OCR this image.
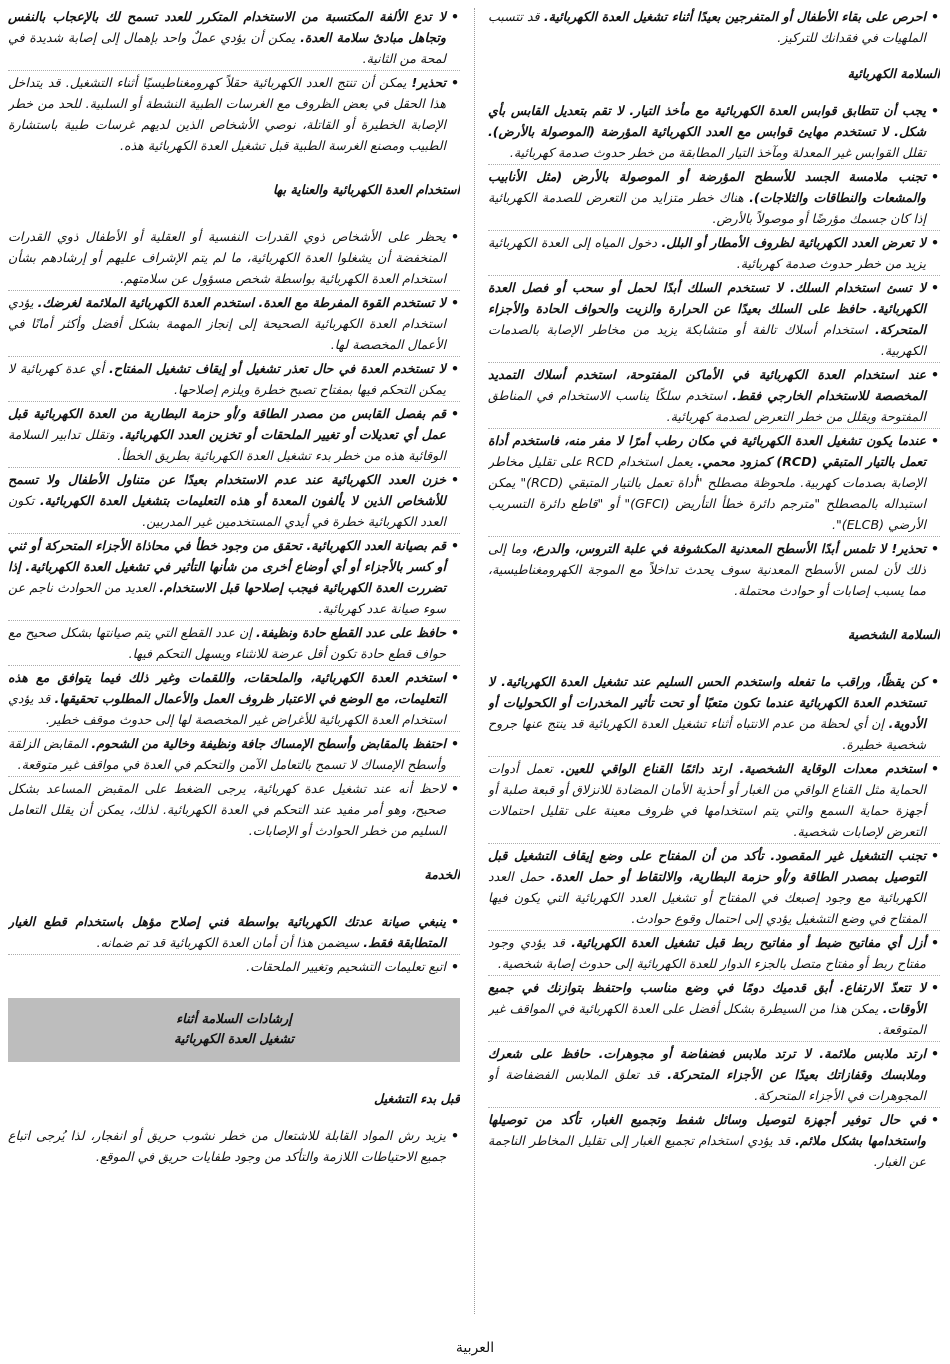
• احرص على بقاء الأطفال أو المتفرجين بعيدًا أثناء تشغيل العدة الكهربائية. قد تتسبب الملهيات في فقدانك للتركيز.
السلامة الكهربائية
• يجب أن تتطابق قوابس العدة الكهربائية مع مأخذ التيار. لا تقم بتعديل القابس بأي شكل. لا تستخدم مهايئ قوابس مع العدد الكهربائية المؤرضة (الموصولة بالأرض). تقلل القوابس غير المعدلة ومآخذ التيار المطابقة من خطر حدوث صدمة كهربائية.
• تجنب ملامسة الجسد للأسطح المؤرضة أو الموصولة بالأرض (مثل الأنابيب والمشعات والنطاقات والثلاجات). هناك خطر متزايد من التعرض للصدمة الكهربائية إذا كان جسمك مؤرضًا أو موصولاً بالأرض.
• لا تعرض العدد الكهربائية لظروف الأمطار أو البلل. دخول المياه إلى العدة الكهربائية يزيد من خطر حدوث صدمة كهربائية.
• لا تسئ استخدام السلك. لا تستخدم السلك أبدًا لحمل أو سحب أو فصل العدة الكهربائية. حافظ على السلك بعيدًا عن الحرارة والزيت والحواف الحادة والأجزاء المتحركة. استخدام أسلاك تالفة أو متشابكة يزيد من مخاطر الإصابة بالصدمات الكهربية.
• عند استخدام العدة الكهربائية في الأماكن المفتوحة، استخدم أسلاك التمديد المخصصة للاستخدام الخارجي فقط. استخدم سلكًا يناسب الاستخدام في المناطق المفتوحة ويقلل من خطر التعرض لصدمة كهربائية.
• عندما يكون تشغيل العدة الكهربائية في مكان رطب أمرًا لا مفر منه، فاستخدم أداة تعمل بالتيار المتبقي (RCD) كمزود محمي. يعمل استخدام RCD على تقليل مخاطر الإصابة بصدمات كهربية. ملحوظة مصطلح "أداة تعمل بالتيار المتبقي (RCD)" يمكن استبداله بالمصطلح "مترجم دائرة خطأ التأريض (GFCI)" أو "قاطع دائرة التسريب الأرضي (ELCB)".
• تحذير! لا تلمس أبدًا الأسطح المعدنية المكشوفة في علبة التروس، والدرع، وما إلى ذلك لأن لمس الأسطح المعدنية سوف يحدث تداخلاً مع الموجة الكهرومغناطيسية، مما يسبب إصابات أو حوادث محتملة.
السلامة الشخصية
• كن يقظًا، وراقب ما تفعله واستخدم الحس السليم عند تشغيل العدة الكهربائية. لا تستخدم العدة الكهربائية عندما تكون متعبًا أو تحت تأثير المخدرات أو الكحوليات أو الأدوية. إن أي لحظة من عدم الانتباه أثناء تشغيل العدة الكهربائية قد ينتج عنها جروح شخصية خطيرة.
• استخدم معدات الوقاية الشخصية. ارتد دائمًا القناع الواقي للعين. تعمل أدوات الحماية مثل القناع الواقي من الغبار أو أحذية الأمان المضادة للانزلاق أو قبعة صلبة أو أجهزة حماية السمع والتي يتم استخدامها في ظروف معينة على تقليل احتمالات التعرض لإصابات شخصية.
• تجنب التشغيل غير المقصود. تأكد من أن المفتاح على وضع إيقاف التشغيل قبل التوصيل بمصدر الطاقة و/أو حزمة البطارية، والالتقاط أو حمل العدة. حمل العدد الكهربائية مع وجود إصبعك في المفتاح أو تشغيل العدد الكهربائية التي يكون فيها المفتاح في وضع التشغيل يؤدي إلى احتمال وقوع حوادث.
• أزل أي مفاتيح ضبط أو مفاتيح ربط قبل تشغيل العدة الكهربائية. قد يؤدي وجود مفتاح ربط أو مفتاح متصل بالجزء الدوار للعدة الكهربائية إلى حدوث إصابة شخصية.
• لا تتعدّ الارتفاع. أبق قدميك دومًا في وضع مناسب واحتفظ بتوازنك في جميع الأوقات. يمكن هذا من السيطرة بشكل أفضل على العدة الكهربائية في المواقف غير المتوقعة.
• ارتد ملابس ملائمة. لا ترتد ملابس فضفاضة أو مجوهرات. حافظ على شعرك وملابسك وقفازاتك بعيدًا عن الأجزاء المتحركة. قد تعلق الملابس الفضفاضة أو المجوهرات في الأجزاء المتحركة.
• في حال توفير أجهزة لتوصيل وسائل شفط وتجميع الغبار، تأكد من توصيلها واستخدامها بشكل ملائم. قد يؤدي استخدام تجميع الغبار إلى تقليل المخاطر الناجمة عن الغبار.
• لا تدع الألفة المكتسبة من الاستخدام المتكرر للعدد تسمح لك بالإعجاب بالنفس وتجاهل مبادئ سلامة العدة. يمكن أن يؤدي عملٌ واحد بإهمال إلى إصابة شديدة في لمحة من الثانية.
• تحذير! يمكن أن تنتج العدد الكهربائية حقلاً كهرومغناطيسيًا أثناء التشغيل. قد يتداخل هذا الحقل في بعض الظروف مع الغرسات الطبية النشطة أو السلبية. للحد من خطر الإصابة الخطيرة أو القاتلة، نوصي الأشخاص الذين لديهم غرسات طبية باستشارة الطبيب ومصنع الغرسة الطبية قبل تشغيل العدة الكهربائية هذه.
استخدام العدة الكهربائية والعناية بها
• يحظر على الأشخاص ذوي القدرات النفسية أو العقلية أو الأطفال ذوي القدرات المنخفضة أن يشغلوا العدة الكهربائية، ما لم يتم الإشراف عليهم أو إرشادهم بشأن استخدام العدة الكهربائية بواسطة شخص مسؤول عن سلامتهم.
• لا تستخدم القوة المفرطة مع العدة. استخدم العدة الكهربائية الملائمة لغرضك. يؤدي استخدام العدة الكهربائية الصحيحة إلى إنجاز المهمة بشكل أفضل وأكثر أمانًا في الأعمال المخصصة لها.
• لا تستخدم العدة في حال تعذر تشغيل أو إيقاف تشغيل المفتاح. أي عدة كهربائية لا يمكن التحكم فيها بمفتاح تصبح خطرة ويلزم إصلاحها.
• قم بفصل القابس من مصدر الطاقة و/أو حزمة البطارية من العدة الكهربائية قبل عمل أي تعديلات أو تغيير الملحقات أو تخزين العدد الكهربائية. وتقلل تدابير السلامة الوقائية هذه من خطر بدء تشغيل العدة الكهربائية بطريق الخطأ.
• خزن العدد الكهربائية عند عدم الاستخدام بعيدًا عن متناول الأطفال ولا تسمح للأشخاص الذين لا يألفون المعدة أو هذه التعليمات بتشغيل العدة الكهربائية. تكون العدد الكهربائية خطرة في أيدي المستخدمين غير المدربين.
• قم بصيانة العدد الكهربائية. تحقق من وجود خطأ في محاذاة الأجزاء المتحركة أو ثني أو كسر بالأجزاء أو أي أوضاع أخرى من شأنها التأثير في تشغيل العدة الكهربائية. إذا تضررت العدة الكهربائية فيجب إصلاحها قبل الاستخدام. العديد من الحوادث ناجم عن سوء صيانة عدد كهربائية.
• حافظ على عدد القطع حادة ونظيفة. إن عدد القطع التي يتم صيانتها بشكل صحيح مع حواف قطع حادة تكون أقل عرضة للانثناء ويسهل التحكم فيها.
• استخدم العدة الكهربائية، والملحقات، واللقمات وغير ذلك فيما يتوافق مع هذه التعليمات، مع الوضع في الاعتبار ظروف العمل والأعمال المطلوب تحقيقها. قد يؤدي استخدام العدة الكهربائية للأغراض غير المخصصة لها إلى حدوث موقف خطير.
• احتفظ بالمقابض وأسطح الإمساك جافة ونظيفة وخالية من الشحوم. المقابض الزلقة وأسطح الإمساك لا تسمح بالتعامل الآمن والتحكم في العدة في مواقف غير متوقعة.
• لاحظ أنه عند تشغيل عدة كهربائية، يرجى الضغط على المقبض المساعد بشكل صحيح، وهو أمر مفيد عند التحكم في العدة الكهربائية. لذلك، يمكن أن يقلل التعامل السليم من خطر الحوادث أو الإصابات.
الخدمة
• ينبغي صيانة عدتك الكهربائية بواسطة فني إصلاح مؤهل باستخدام قطع الغيار المتطابقة فقط. سيضمن هذا أن أمان العدة الكهربائية قد تم ضمانه.
• اتبع تعليمات التشحيم وتغيير الملحقات.
إرشادات السلامة أثناء
تشغيل العدة الكهربائية
قبل بدء التشغيل
• يزيد رش المواد القابلة للاشتعال من خطر نشوب حريق أو انفجار، لذا يُرجى اتباع جميع الاحتياطات اللازمة والتأكد من وجود طفايات حريق في الموقع.
العربية
